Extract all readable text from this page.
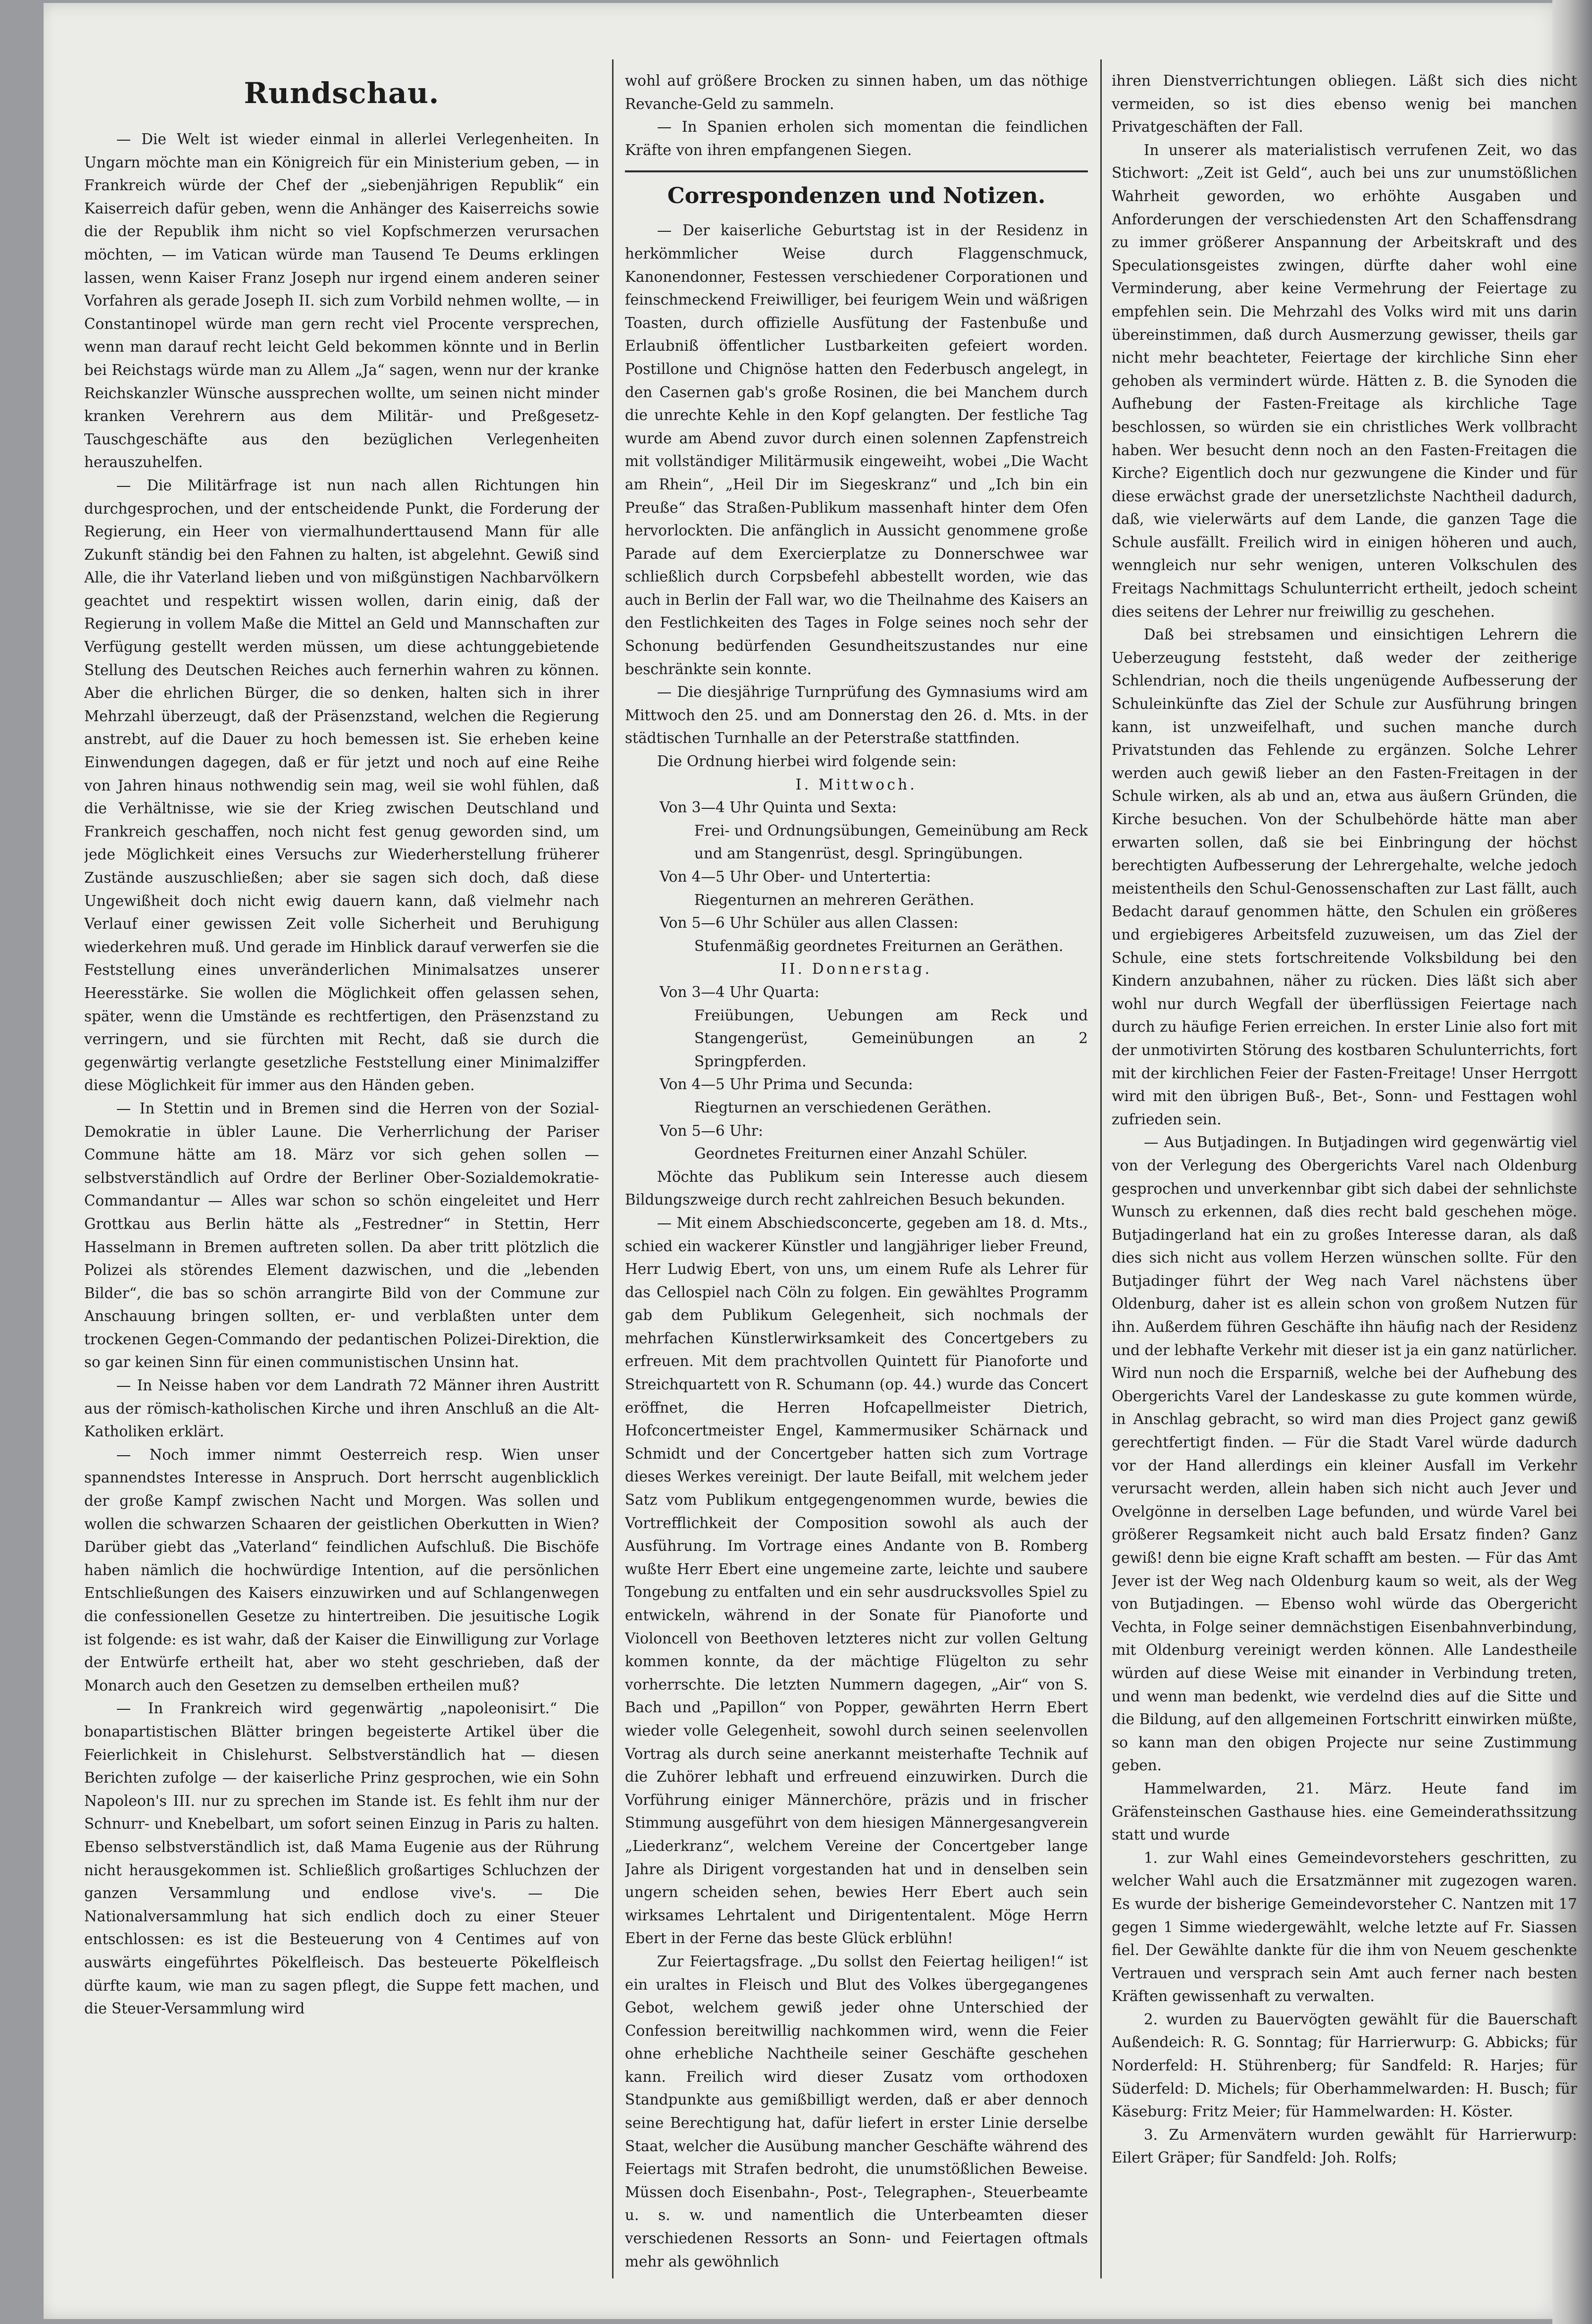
Rundschau.

— Die Welt ist wieder einmal in allerlei Verlegenheiten. In Ungarn möchte man ein Königreich für ein Ministerium geben, — in Frankreich würde der Chef der „siebenjährigen Republik“ ein Kaiserreich dafür geben, wenn die Anhänger des Kaiserreichs sowie die der Republik ihm nicht so viel Kopfschmerzen verursachen möchten, — im Vatican würde man Tausend Te Deums erklingen lassen, wenn Kaiser Franz Joseph nur irgend einem anderen seiner Vorfahren als gerade Joseph II. sich zum Vorbild nehmen wollte, — in Constantinopel würde man gern recht viel Procente versprechen, wenn man darauf recht leicht Geld bekommen könnte und in Berlin bei Reichstags würde man zu Allem „Ja“ sagen, wenn nur der kranke Reichskanzler Wünsche aussprechen wollte, um seinen nicht minder kranken Verehrern aus dem Militär- und Preßgesetz-Tauschgeschäfte aus den bezüglichen Verlegenheiten herauszuhelfen.

— Die Militärfrage ist nun nach allen Richtungen hin durchgesprochen, und der entscheidende Punkt, die Forderung der Regierung, ein Heer von viermalhunderttausend Mann für alle Zukunft ständig bei den Fahnen zu halten, ist abgelehnt. Gewiß sind Alle, die ihr Vaterland lieben und von mißgünstigen Nachbarvölkern geachtet und respektirt wissen wollen, darin einig, daß der Regierung in vollem Maße die Mittel an Geld und Mannschaften zur Verfügung gestellt werden müssen, um diese achtunggebietende Stellung des Deutschen Reiches auch fernerhin wahren zu können. Aber die ehrlichen Bürger, die so denken, halten sich in ihrer Mehrzahl überzeugt, daß der Präsenzstand, welchen die Regierung anstrebt, auf die Dauer zu hoch bemessen ist. Sie erheben keine Einwendungen dagegen, daß er für jetzt und noch auf eine Reihe von Jahren hinaus nothwendig sein mag, weil sie wohl fühlen, daß die Verhältnisse, wie sie der Krieg zwischen Deutschland und Frankreich geschaffen, noch nicht fest genug geworden sind, um jede Möglichkeit eines Versuchs zur Wiederherstellung früherer Zustände auszuschließen; aber sie sagen sich doch, daß diese Ungewißheit doch nicht ewig dauern kann, daß vielmehr nach Verlauf einer gewissen Zeit volle Sicherheit und Beruhigung wiederkehren muß. Und gerade im Hinblick darauf verwerfen sie die Feststellung eines unveränderlichen Minimalsatzes unserer Heeresstärke. Sie wollen die Möglichkeit offen gelassen sehen, später, wenn die Umstände es rechtfertigen, den Präsenzstand zu verringern, und sie fürchten mit Recht, daß sie durch die gegenwärtig verlangte gesetzliche Feststellung einer Minimalziffer diese Möglichkeit für immer aus den Händen geben.

— In Stettin und in Bremen sind die Herren von der Sozial-Demokratie in übler Laune. Die Verherrlichung der Pariser Commune hätte am 18. März vor sich gehen sollen — selbstverständlich auf Ordre der Berliner Ober-Sozialdemokratie-Commandantur — Alles war schon so schön eingeleitet und Herr Grottkau aus Berlin hätte als „Festredner“ in Stettin, Herr Hasselmann in Bremen auftreten sollen. Da aber tritt plötzlich die Polizei als störendes Element dazwischen, und die „lebenden Bilder“, die bas so schön arrangirte Bild von der Commune zur Anschauung bringen sollten, er- und verblaßten unter dem trockenen Gegen-Commando der pedantischen Polizei-Direktion, die so gar keinen Sinn für einen communistischen Unsinn hat.

— In Neisse haben vor dem Landrath 72 Männer ihren Austritt aus der römisch-katholischen Kirche und ihren Anschluß an die Alt-Katholiken erklärt.

— Noch immer nimmt Oesterreich resp. Wien unser spannendstes Interesse in Anspruch. Dort herrscht augenblicklich der große Kampf zwischen Nacht und Morgen. Was sollen und wollen die schwarzen Schaaren der geistlichen Oberkutten in Wien? Darüber giebt das „Vaterland“ feindlichen Aufschluß. Die Bischöfe haben nämlich die hochwürdige Intention, auf die persönlichen Entschließungen des Kaisers einzuwirken und auf Schlangenwegen die confessionellen Gesetze zu hintertreiben. Die jesuitische Logik ist folgende: es ist wahr, daß der Kaiser die Einwilligung zur Vorlage der Entwürfe ertheilt hat, aber wo steht geschrieben, daß der Monarch auch den Gesetzen zu demselben ertheilen muß?

— In Frankreich wird gegenwärtig „napoleonisirt.“ Die bonapartistischen Blätter bringen begeisterte Artikel über die Feierlichkeit in Chislehurst. Selbstverständlich hat — diesen Berichten zufolge — der kaiserliche Prinz gesprochen, wie ein Sohn Napoleon's III. nur zu sprechen im Stande ist. Es fehlt ihm nur der Schnurr- und Knebelbart, um sofort seinen Einzug in Paris zu halten. Ebenso selbstverständlich ist, daß Mama Eugenie aus der Rührung nicht herausgekommen ist. Schließlich großartiges Schluchzen der ganzen Versammlung und endlose vive's. — Die Nationalversammlung hat sich endlich doch zu einer Steuer entschlossen: es ist die Besteuerung von 4 Centimes auf von auswärts eingeführtes Pökelfleisch. Das besteuerte Pökelfleisch dürfte kaum, wie man zu sagen pflegt, die Suppe fett machen, und die Steuer-Versammlung wird

wohl auf größere Brocken zu sinnen haben, um das nöthige Revanche-Geld zu sammeln.

— In Spanien erholen sich momentan die feindlichen Kräfte von ihren empfangenen Siegen.

Correspondenzen und Notizen.

— Der kaiserliche Geburtstag ist in der Residenz in herkömmlicher Weise durch Flaggenschmuck, Kanonendonner, Festessen verschiedener Corporationen und feinschmeckend Freiwilliger, bei feurigem Wein und wäßrigen Toasten, durch offizielle Ausfütung der Fastenbuße und Erlaubniß öffentlicher Lustbarkeiten gefeiert worden. Postillone und Chignöse hatten den Federbusch angelegt, in den Casernen gab's große Rosinen, die bei Manchem durch die unrechte Kehle in den Kopf gelangten. Der festliche Tag wurde am Abend zuvor durch einen solennen Zapfenstreich mit vollständiger Militärmusik eingeweiht, wobei „Die Wacht am Rhein“, „Heil Dir im Siegeskranz“ und „Ich bin ein Preuße“ das Straßen-Publikum massenhaft hinter dem Ofen hervorlockten. Die anfänglich in Aussicht genommene große Parade auf dem Exercierplatze zu Donnerschwee war schließlich durch Corpsbefehl abbestellt worden, wie das auch in Berlin der Fall war, wo die Theilnahme des Kaisers an den Festlichkeiten des Tages in Folge seines noch sehr der Schonung bedürfenden Gesundheitszustandes nur eine beschränkte sein konnte.

— Die diesjährige Turnprüfung des Gymnasiums wird am Mittwoch den 25. und am Donnerstag den 26. d. Mts. in der städtischen Turnhalle an der Peterstraße stattfinden.

Die Ordnung hierbei wird folgende sein:

I. Mittwoch.

Von 3—4 Uhr Quinta und Sexta:

Frei- und Ordnungsübungen, Gemeinübung am Reck und am Stangenrüst, desgl. Springübungen.

Von 4—5 Uhr Ober- und Untertertia:

Riegenturnen an mehreren Geräthen.

Von 5—6 Uhr Schüler aus allen Classen:

Stufenmäßig geordnetes Freiturnen an Geräthen.

II. Donnerstag.

Von 3—4 Uhr Quarta:

Freiübungen, Uebungen am Reck und Stangengerüst, Gemeinübungen an 2 Springpferden.

Von 4—5 Uhr Prima und Secunda:

Riegturnen an verschiedenen Geräthen.

Von 5—6 Uhr:

Geordnetes Freiturnen einer Anzahl Schüler.

Möchte das Publikum sein Interesse auch diesem Bildungszweige durch recht zahlreichen Besuch bekunden.

— Mit einem Abschiedsconcerte, gegeben am 18. d. Mts., schied ein wackerer Künstler und langjähriger lieber Freund, Herr Ludwig Ebert, von uns, um einem Rufe als Lehrer für das Cellospiel nach Cöln zu folgen. Ein gewähltes Programm gab dem Publikum Gelegenheit, sich nochmals der mehrfachen Künstlerwirksamkeit des Concertgebers zu erfreuen. Mit dem prachtvollen Quintett für Pianoforte und Streichquartett von R. Schumann (op. 44.) wurde das Concert eröffnet, die Herren Hofcapellmeister Dietrich, Hofconcertmeister Engel, Kammermusiker Schärnack und Schmidt und der Concertgeber hatten sich zum Vortrage dieses Werkes vereinigt. Der laute Beifall, mit welchem jeder Satz vom Publikum entgegengenommen wurde, bewies die Vortrefflichkeit der Composition sowohl als auch der Ausführung. Im Vortrage eines Andante von B. Romberg wußte Herr Ebert eine ungemeine zarte, leichte und saubere Tongebung zu entfalten und ein sehr ausdrucksvolles Spiel zu entwickeln, während in der Sonate für Pianoforte und Violoncell von Beethoven letzteres nicht zur vollen Geltung kommen konnte, da der mächtige Flügelton zu sehr vorherrschte. Die letzten Nummern dagegen, „Air“ von S. Bach und „Papillon“ von Popper, gewährten Herrn Ebert wieder volle Gelegenheit, sowohl durch seinen seelenvollen Vortrag als durch seine anerkannt meisterhafte Technik auf die Zuhörer lebhaft und erfreuend einzuwirken. Durch die Vorführung einiger Männerchöre, präzis und in frischer Stimmung ausgeführt von dem hiesigen Männergesangverein „Liederkranz“, welchem Vereine der Concertgeber lange Jahre als Dirigent vorgestanden hat und in denselben sein ungern scheiden sehen, bewies Herr Ebert auch sein wirksames Lehrtalent und Dirigententalent. Möge Herrn Ebert in der Ferne das beste Glück erblühn!

Zur Feiertagsfrage. „Du sollst den Feiertag heiligen!“ ist ein uraltes in Fleisch und Blut des Volkes übergegangenes Gebot, welchem gewiß jeder ohne Unterschied der Confession bereitwillig nachkommen wird, wenn die Feier ohne erhebliche Nachtheile seiner Geschäfte geschehen kann. Freilich wird dieser Zusatz vom orthodoxen Standpunkte aus gemißbilligt werden, daß er aber dennoch seine Berechtigung hat, dafür liefert in erster Linie derselbe Staat, welcher die Ausübung mancher Geschäfte während des Feiertags mit Strafen bedroht, die unumstößlichen Beweise. Müssen doch Eisenbahn-, Post-, Telegraphen-, Steuerbeamte u. s. w. und namentlich die Unterbeamten dieser verschiedenen Ressorts an Sonn- und Feiertagen oftmals mehr als gewöhnlich

ihren Dienstverrichtungen obliegen. Läßt sich dies nicht vermeiden, so ist dies ebenso wenig bei manchen Privatgeschäften der Fall.

In unserer als materialistisch verrufenen Zeit, wo das Stichwort: „Zeit ist Geld“, auch bei uns zur unumstößlichen Wahrheit geworden, wo erhöhte Ausgaben und Anforderungen der verschiedensten Art den Schaffensdrang zu immer größerer Anspannung der Arbeitskraft und des Speculationsgeistes zwingen, dürfte daher wohl eine Verminderung, aber keine Vermehrung der Feiertage zu empfehlen sein. Die Mehrzahl des Volks wird mit uns darin übereinstimmen, daß durch Ausmerzung gewisser, theils gar nicht mehr beachteter, Feiertage der kirchliche Sinn eher gehoben als vermindert würde. Hätten z. B. die Synoden die Aufhebung der Fasten-Freitage als kirchliche Tage beschlossen, so würden sie ein christliches Werk vollbracht haben. Wer besucht denn noch an den Fasten-Freitagen die Kirche? Eigentlich doch nur gezwungene die Kinder und für diese erwächst grade der unersetzlichste Nachtheil dadurch, daß, wie vielerwärts auf dem Lande, die ganzen Tage die Schule ausfällt. Freilich wird in einigen höheren und auch, wenngleich nur sehr wenigen, unteren Volkschulen des Freitags Nachmittags Schulunterricht ertheilt, jedoch scheint dies seitens der Lehrer nur freiwillig zu geschehen.

Daß bei strebsamen und einsichtigen Lehrern die Ueberzeugung feststeht, daß weder der zeitherige Schlendrian, noch die theils ungenügende Aufbesserung der Schuleinkünfte das Ziel der Schule zur Ausführung bringen kann, ist unzweifelhaft, und suchen manche durch Privatstunden das Fehlende zu ergänzen. Solche Lehrer werden auch gewiß lieber an den Fasten-Freitagen in der Schule wirken, als ab und an, etwa aus äußern Gründen, die Kirche besuchen. Von der Schulbehörde hätte man aber erwarten sollen, daß sie bei Einbringung der höchst berechtigten Aufbesserung der Lehrergehalte, welche jedoch meistentheils den Schul-Genossenschaften zur Last fällt, auch Bedacht darauf genommen hätte, den Schulen ein größeres und ergiebigeres Arbeitsfeld zuzuweisen, um das Ziel der Schule, eine stets fortschreitende Volksbildung bei den Kindern anzubahnen, näher zu rücken. Dies läßt sich aber wohl nur durch Wegfall der überflüssigen Feiertage nach durch zu häufige Ferien erreichen. In erster Linie also fort mit der unmotivirten Störung des kostbaren Schulunterrichts, fort mit der kirchlichen Feier der Fasten-Freitage! Unser Herrgott wird mit den übrigen Buß-, Bet-, Sonn- und Festtagen wohl zufrieden sein.

— Aus Butjadingen. In Butjadingen wird gegenwärtig viel von der Verlegung des Obergerichts Varel nach Oldenburg gesprochen und unverkennbar gibt sich dabei der sehnlichste Wunsch zu erkennen, daß dies recht bald geschehen möge. Butjadingerland hat ein zu großes Interesse daran, als daß dies sich nicht aus vollem Herzen wünschen sollte. Für den Butjadinger führt der Weg nach Varel nächstens über Oldenburg, daher ist es allein schon von großem Nutzen für ihn. Außerdem führen Geschäfte ihn häufig nach der Residenz und der lebhafte Verkehr mit dieser ist ja ein ganz natürlicher. Wird nun noch die Ersparniß, welche bei der Aufhebung des Obergerichts Varel der Landeskasse zu gute kommen würde, in Anschlag gebracht, so wird man dies Project ganz gewiß gerechtfertigt finden. — Für die Stadt Varel würde dadurch vor der Hand allerdings ein kleiner Ausfall im Verkehr verursacht werden, allein haben sich nicht auch Jever und Ovelgönne in derselben Lage befunden, und würde Varel bei größerer Regsamkeit nicht auch bald Ersatz finden? Ganz gewiß! denn bie eigne Kraft schafft am besten. — Für das Amt Jever ist der Weg nach Oldenburg kaum so weit, als der Weg von Butjadingen. — Ebenso wohl würde das Obergericht Vechta, in Folge seiner demnächstigen Eisenbahnverbindung, mit Oldenburg vereinigt werden können. Alle Landestheile würden auf diese Weise mit einander in Verbindung treten, und wenn man bedenkt, wie verdelnd dies auf die Sitte und die Bildung, auf den allgemeinen Fortschritt einwirken müßte, so kann man den obigen Projecte nur seine Zustimmung geben.

Hammelwarden, 21. März. Heute fand im Gräfensteinschen Gasthause hies. eine Gemeinderathssitzung statt und wurde

1. zur Wahl eines Gemeindevorstehers geschritten, zu welcher Wahl auch die Ersatzmänner mit zugezogen waren. Es wurde der bisherige Gemeindevorsteher C. Nantzen mit 17 gegen 1 Simme wiedergewählt, welche letzte auf Fr. Siassen fiel. Der Gewählte dankte für die ihm von Neuem geschenkte Vertrauen und versprach sein Amt auch ferner nach besten Kräften gewissenhaft zu verwalten.

2. wurden zu Bauervögten gewählt für die Bauerschaft Außendeich: R. G. Sonntag; für Harrierwurp: G. Abbicks; für Norderfeld: H. Stührenberg; für Sandfeld: R. Harjes; für Süderfeld: D. Michels; für Oberhammelwarden: H. Busch; für Käseburg: Fritz Meier; für Hammelwarden: H. Köster.

3. Zu Armenvätern wurden gewählt für Harrierwurp: Eilert Gräper; für Sandfeld: Joh. Rolfs;
